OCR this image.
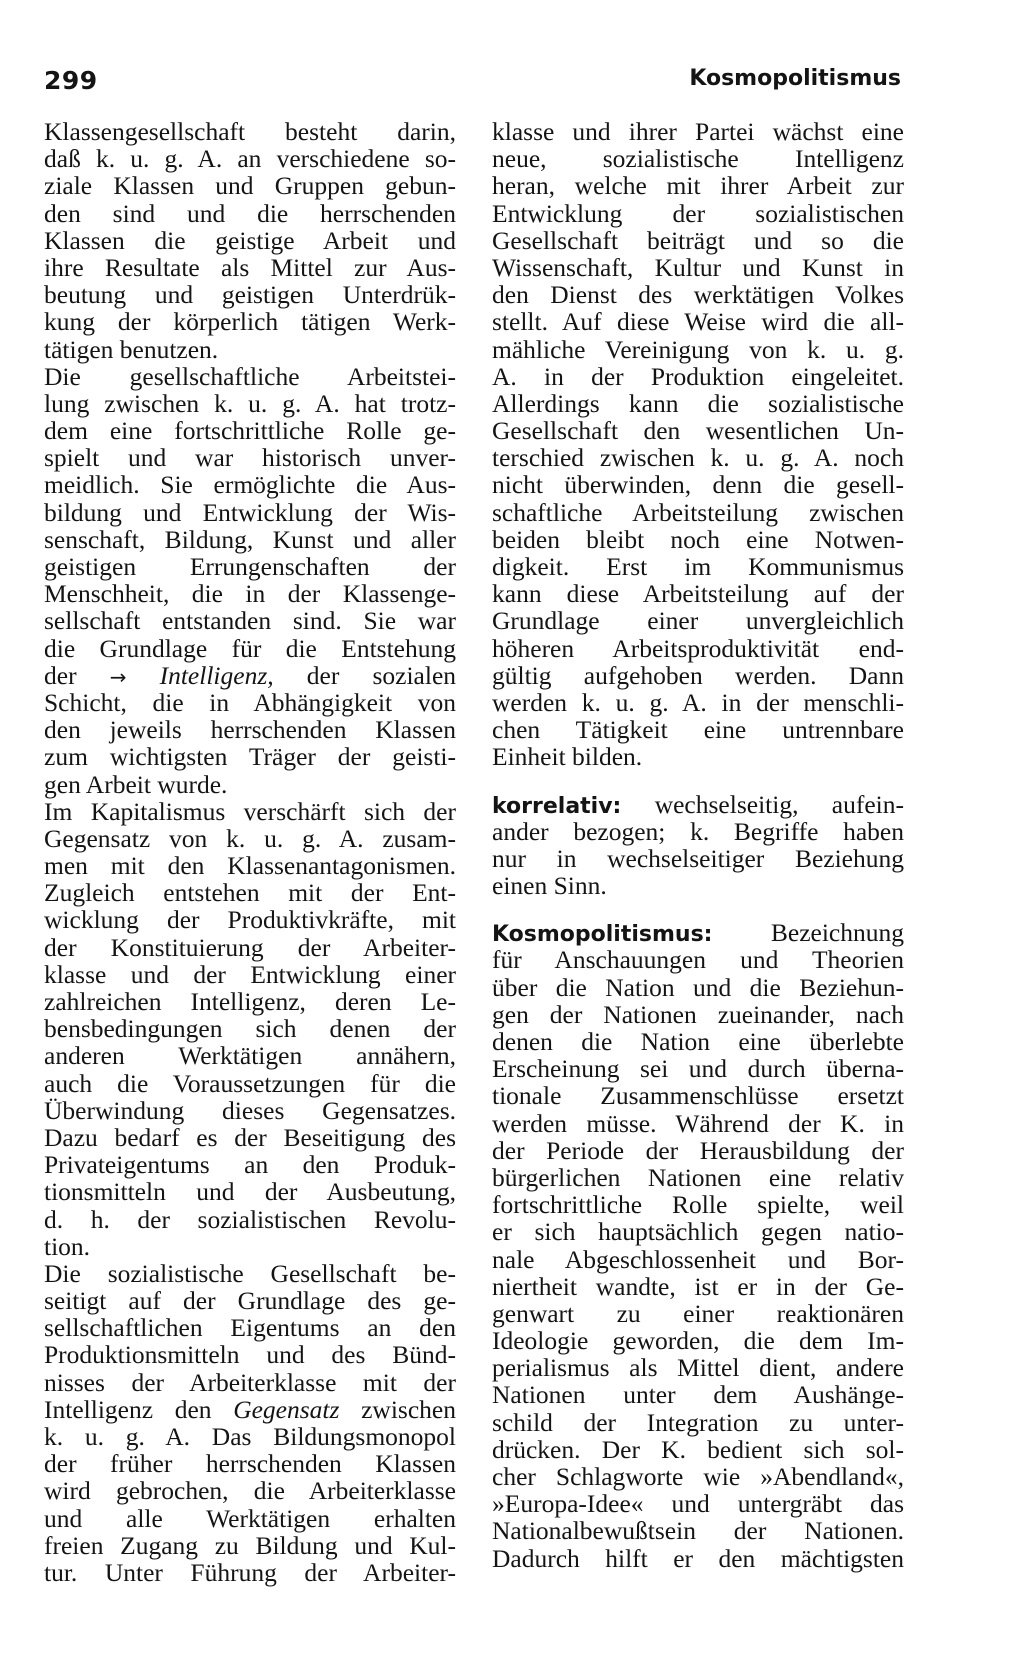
299	Kosmopolitismus
Klassengesellschaft besteht darin,
daß k. u. g. A. an verschiedene so-
ziale Klassen und Gruppen gebun-
den sind und die herrschenden
Klassen die geistige Arbeit und
ihre Resultate als Mittel zur Aus-
beutung und geistigen Unterdrük-
kung der körperlich tätigen Werk-
tätigen benutzen.
Die gesellschaftliche Arbeitstei-
lung zwischen k. u. g. A. hat trotz-
dem eine fortschrittliche Rolle ge-
spielt und war historisch unver-
meidlich. Sie ermöglichte die Aus-
bildung und Entwicklung der Wis-
senschaft, Bildung, Kunst und aller
geistigen Errungenschaften der
Menschheit, die in der Klassenge-
sellschaft entstanden sind. Sie war
die Grundlage für die Entstehung
der → Intelligenz, der sozialen
Schicht, die in Abhängigkeit von
den jeweils herrschenden Klassen
zum wichtigsten Träger der geisti-
gen Arbeit wurde.
Im Kapitalismus verschärft sich der
Gegensatz von k. u. g. A. zusam-
men mit den Klassenantagonismen.
Zugleich entstehen mit der Ent-
wicklung der Produktivkräfte, mit
der Konstituierung der Arbeiter-
klasse und der Entwicklung einer
zahlreichen Intelligenz, deren Le-
bensbedingungen sich denen der
anderen Werktätigen annähern,
auch die Voraussetzungen für die
Überwindung dieses Gegensatzes.
Dazu bedarf es der Beseitigung des
Privateigentums an den Produk-
tionsmitteln und der Ausbeutung,
d. h. der sozialistischen Revolu-
tion.
Die sozialistische Gesellschaft be-
seitigt auf der Grundlage des ge-
sellschaftlichen Eigentums an den
Produktionsmitteln und des Bünd-
nisses der Arbeiterklasse mit der
Intelligenz den Gegensatz zwischen
k. u. g. A. Das Bildungsmonopol
der früher herrschenden Klassen
wird gebrochen, die Arbeiterklasse
und alle Werktätigen erhalten
freien Zugang zu Bildung und Kul-
tur. Unter Führung der Arbeiter-
klasse und ihrer Partei wächst eine
neue, sozialistische Intelligenz
heran, welche mit ihrer Arbeit zur
Entwicklung der sozialistischen
Gesellschaft beiträgt und so die
Wissenschaft, Kultur und Kunst in
den Dienst des werktätigen Volkes
stellt. Auf diese Weise wird die all-
mähliche Vereinigung von k. u. g.
A. in der Produktion eingeleitet.
Allerdings kann die sozialistische
Gesellschaft den wesentlichen Un-
terschied zwischen k. u. g. A. noch
nicht überwinden, denn die gesell-
schaftliche Arbeitsteilung zwischen
beiden bleibt noch eine Notwen-
digkeit. Erst im Kommunismus
kann diese Arbeitsteilung auf der
Grundlage einer unvergleichlich
höheren Arbeitsproduktivität end-
gültig aufgehoben werden. Dann
werden k. u. g. A. in der menschli-
chen Tätigkeit eine untrennbare
Einheit bilden.
korrelativ: wechselseitig, aufein-
ander bezogen; k. Begriffe haben
nur in wechselseitiger Beziehung
einen Sinn.
Kosmopolitismus: Bezeichnung
für Anschauungen und Theorien
über die Nation und die Beziehun-
gen der Nationen zueinander, nach
denen die Nation eine überlebte
Erscheinung sei und durch überna-
tionale Zusammenschlüsse ersetzt
werden müsse. Während der K. in
der Periode der Herausbildung der
bürgerlichen Nationen eine relativ
fortschrittliche Rolle spielte, weil
er sich hauptsächlich gegen natio-
nale Abgeschlossenheit und Bor-
niertheit wandte, ist er in der Ge-
genwart zu einer reaktionären
Ideologie geworden, die dem Im-
perialismus als Mittel dient, andere
Nationen unter dem Aushänge-
schild der Integration zu unter-
drücken. Der K. bedient sich sol-
cher Schlagworte wie »Abendland«,
»Europa-Idee« und untergräbt das
Nationalbewußtsein der Nationen.
Dadurch hilft er den mächtigsten
